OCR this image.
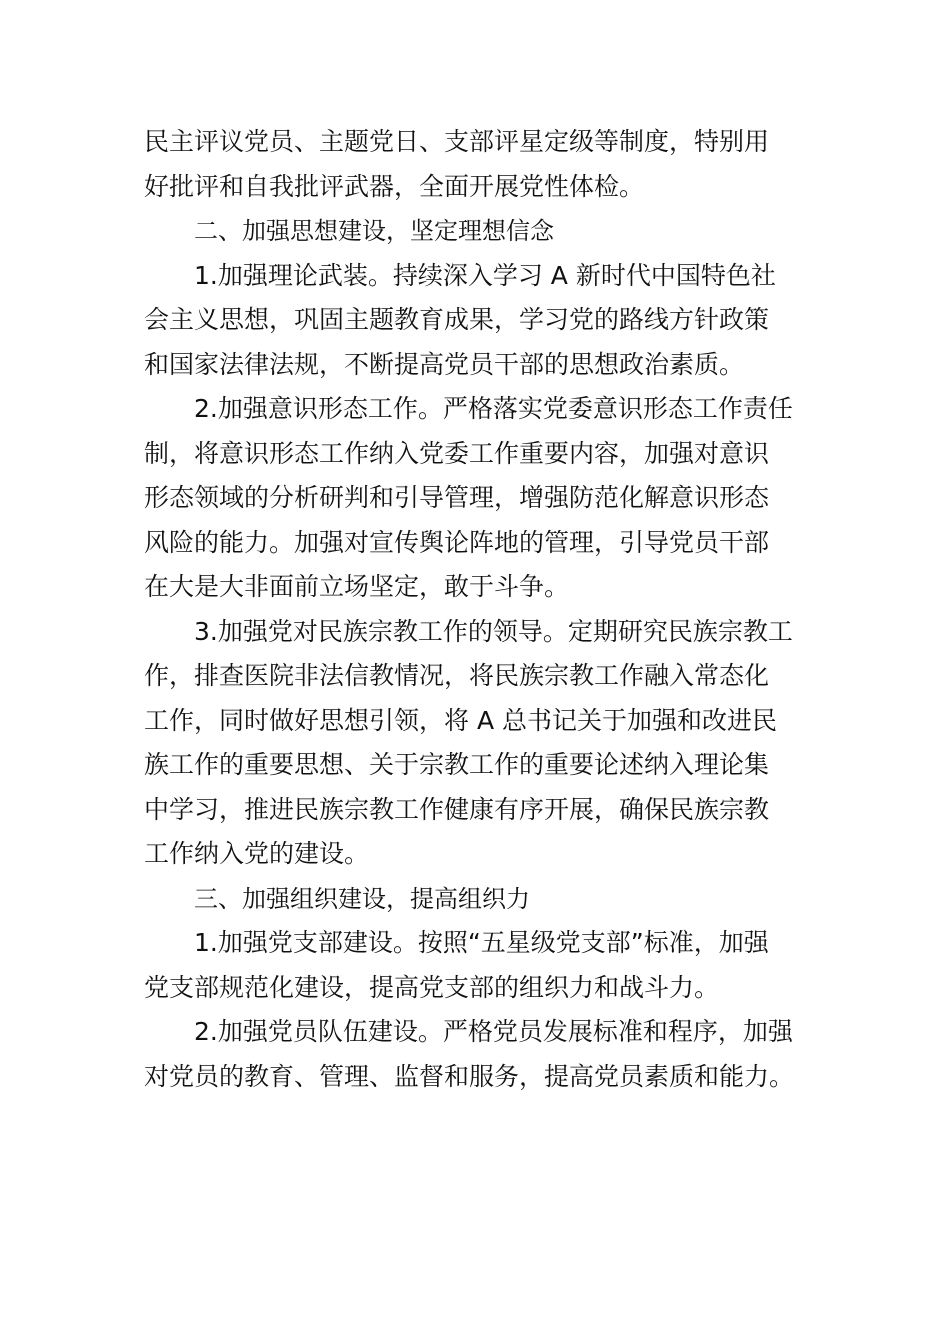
民主评议党员、主题党日、支部评星定级等制度，特别用
好批评和自我批评武器，全面开展党性体检。
二、加强思想建设，坚定理想信念
1.加强理论武装。持续深入学习 A 新时代中国特色社
会主义思想，巩固主题教育成果，学习党的路线方针政策
和国家法律法规，不断提高党员干部的思想政治素质。
2.加强意识形态工作。严格落实党委意识形态工作责任
制，将意识形态工作纳入党委工作重要内容，加强对意识
形态领域的分析研判和引导管理，增强防范化解意识形态
风险的能力。加强对宣传舆论阵地的管理，引导党员干部
在大是大非面前立场坚定，敢于斗争。
3.加强党对民族宗教工作的领导。定期研究民族宗教工
作，排查医院非法信教情况，将民族宗教工作融入常态化
工作，同时做好思想引领，将 A 总书记关于加强和改进民
族工作的重要思想、关于宗教工作的重要论述纳入理论集
中学习，推进民族宗教工作健康有序开展，确保民族宗教
工作纳入党的建设。
三、加强组织建设，提高组织力
1.加强党支部建设。按照“五星级党支部”标准，加强
党支部规范化建设，提高党支部的组织力和战斗力。
2.加强党员队伍建设。严格党员发展标准和程序，加强
对党员的教育、管理、监督和服务，提高党员素质和能力。
